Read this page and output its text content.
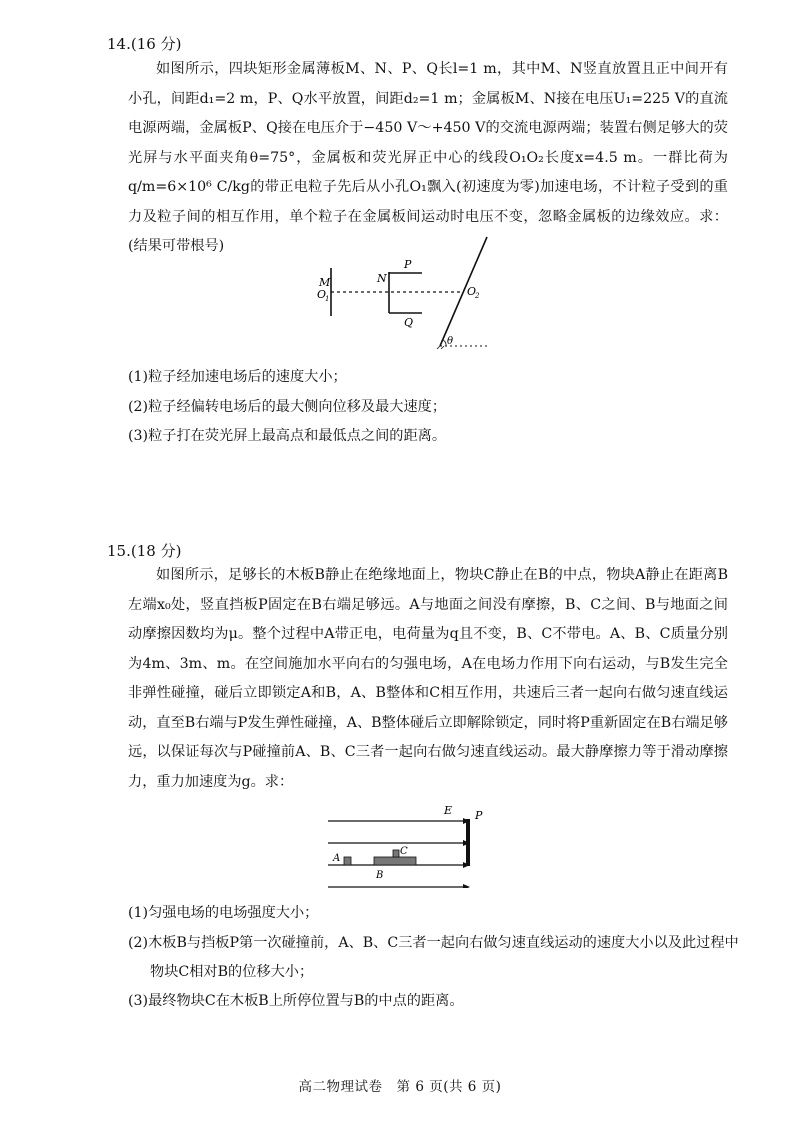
14.(16 分)

如图所示，四块矩形金属薄板M、N、P、Q长l=1 m，其中M、N竖直放置且正中间开有小孔，间距d₁=2 m，P、Q水平放置，间距d₂=1 m；金属板M、N接在电压U₁=225 V的直流电源两端，金属板P、Q接在电压介于−450 V～+450 V的交流电源两端；装置右侧足够大的荧光屏与水平面夹角θ=75°，金属板和荧光屏正中心的线段O₁O₂长度x=4.5 m。一群比荷为q/m=6×10⁶ C/kg的带正电粒子先后从小孔O₁飘入(初速度为零)加速电场，不计粒子受到的重力及粒子间的相互作用，单个粒子在金属板间运动时电压不变，忽略金属板的边缘效应。求：(结果可带根号)

M
O
1
N
P
Q
O
2
θ
(1)粒子经加速电场后的速度大小；
(2)粒子经偏转电场后的最大侧向位移及最大速度；
(3)粒子打在荧光屏上最高点和最低点之间的距离。
15.(18 分)

如图所示，足够长的木板B静止在绝缘地面上，物块C静止在B的中点，物块A静止在距离B左端x₀处，竖直挡板P固定在B右端足够远。A与地面之间没有摩擦，B、C之间、B与地面之间动摩擦因数均为μ。整个过程中A带正电，电荷量为q且不变，B、C不带电。A、B、C质量分别为4m、3m、m。在空间施加水平向右的匀强电场，A在电场力作用下向右运动，与B发生完全非弹性碰撞，碰后立即锁定A和B，A、B整体和C相互作用，共速后三者一起向右做匀速直线运动，直至B右端与P发生弹性碰撞，A、B整体碰后立即解除锁定，同时将P重新固定在B右端足够远，以保证每次与P碰撞前A、B、C三者一起向右做匀速直线运动。最大静摩擦力等于滑动摩擦力，重力加速度为g。求：

E P
A
C
B
(1)匀强电场的电场强度大小；
(2)木板B与挡板P第一次碰撞前，A、B、C三者一起向右做匀速直线运动的速度大小以及此过程中
物块C相对B的位移大小；
(3)最终物块C在木板B上所停位置与B的中点的距离。
高二物理试卷　第 6 页(共 6 页)
